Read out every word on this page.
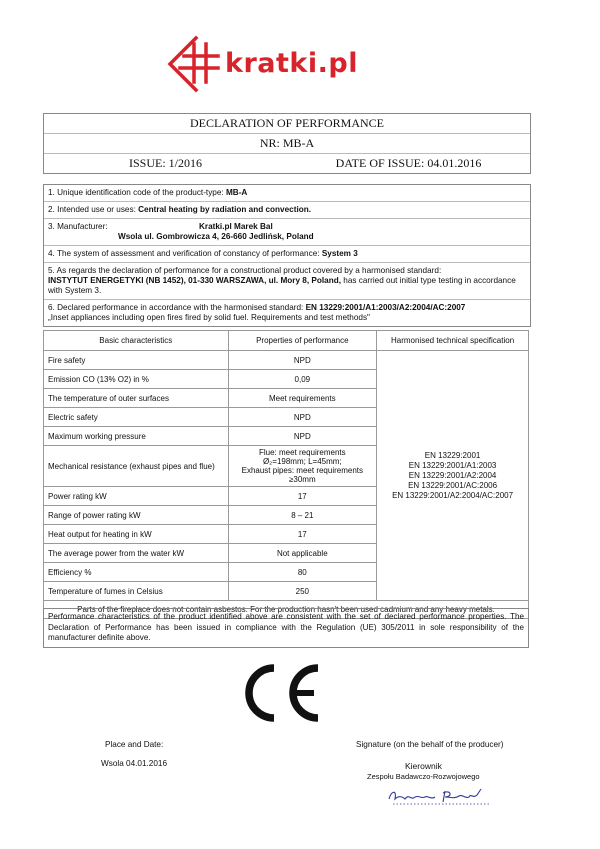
kratki.pl
DECLARATION OF PERFORMANCE
NR: MB-A
ISSUE: 1/2016	DATE OF ISSUE: 04.01.2016
1. Unique identification code of the product-type: MB-A
2. Intended use or uses: Central heating by radiation and convection.
3. Manufacturer:	Kratki.pl Marek Bal
Wsola ul. Gombrowicza 4, 26-660 Jedlińsk, Poland
4. The system of assessment and verification of constancy of performance: System 3
5. As regards the declaration of performance for a constructional product covered by a harmonised standard:
INSTYTUT ENERGETYKI (NB 1452), 01-330 WARSZAWA, ul. Mory 8, Poland, has carried out initial type testing in accordance with System 3.
6. Declared performance in accordance with the harmonised standard: EN 13229:2001/A1:2003/A2:2004/AC:2007
„Inset appliances including open fires fired by solid fuel. Requirements and test methods"
Basic characteristics	Properties of performance	Harmonised technical specification
Fire safety	NPD	EN 13229:2001
EN 13229:2001/A1:2003
EN 13229:2001/A2:2004
EN 13229:2001/AC:2006
EN 13229:2001/A2:2004/AC:2007

Emission CO (13% O2) in %	0,09	
The temperature of outer surfaces	Meet requirements	
Electric safety	NPD	
Maximum working pressure	NPD	
Mechanical resistance (exhaust pipes and flue)	Flue: meet requirements
Ø₂=198mm; L=45mm;
Exhaust pipes: meet requirements
≥30mm	

Power rating kW	17	
Range of power rating kW	8 – 21	
Heat output for heating in kW	17	
The average power from the water kW	Not applicable	
Efficiency %	80	
Temperature of fumes in Celsius	250	
Parts of the fireplace does not contain asbestos. For the production hasn't been used cadmium and any heavy metals.		
Performance characteristics of the product identified above are consistent with the set of declared performance properties. The Declaration of Performance has been issued in compliance with the Regulation (UE) 305/2011 in sole responsibility of the manufacturer definite above.
Place and Date:
Wsola 04.01.2016
Signature (on the behalf of the producer)
Kierownik
Zespołu Badawczo-Rozwojowego
